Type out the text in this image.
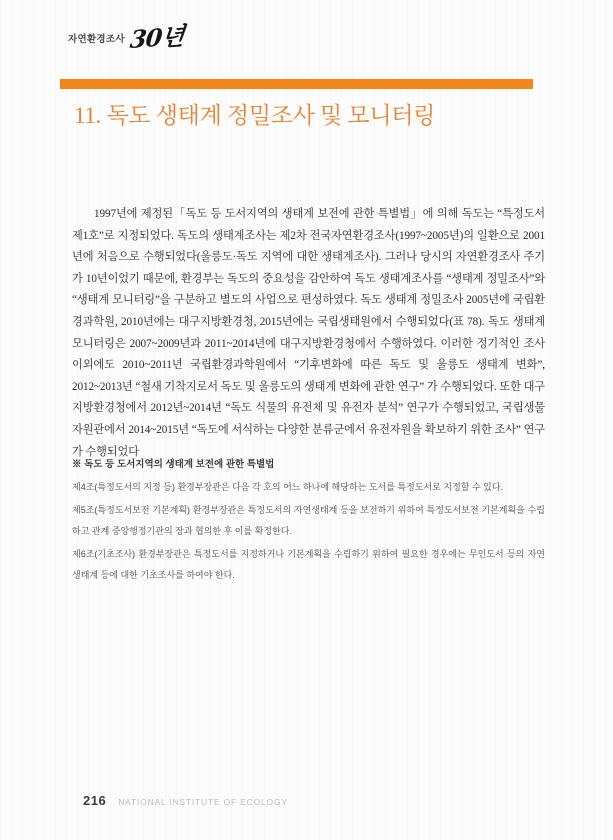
자연환경조사 30년
11. 독도 생태계 정밀조사 및 모니터링

1997년에 제정된「독도 등 도서지역의 생태계 보전에 관한 특별법」에 의해 독도는 “특정도서 제1호”로 지정되었다. 독도의 생태계조사는 제2차 전국자연환경조사(1997~2005년)의 일환으로 2001년에 처음으로 수행되었다(울릉도·독도 지역에 대한 생태계조사). 그러나 당시의 자연환경조사 주기가 10년이었기 때문에, 환경부는 독도의 중요성을 감안하여 독도 생태계조사를 “생태계 정밀조사”와 “생태계 모니터링”을 구분하고 별도의 사업으로 편성하였다. 독도 생태계 정밀조사 2005년에 국립환경과학원, 2010년에는 대구지방환경청, 2015년에는 국립생태원에서 수행되었다(표 78). 독도 생태계 모니터링은 2007~2009년과 2011~2014년에 대구지방환경청에서 수행하였다. 이러한 정기적인 조사 이외에도 2010~2011년 국립환경과학원에서 “기후변화에 따른 독도 및 울릉도 생태계 변화”, 2012~2013년 “철새 기착지로서 독도 및 울릉도의 생태계 변화에 관한 연구” 가 수행되었다. 또한 대구지방환경청에서 2012년~2014년 “독도 식물의 유전체 및 유전자 분석” 연구가 수행되었고, 국립생물자원관에서 2014~2015년 “독도에 서식하는 다양한 분류군에서 유전자원을 확보하기 위한 조사” 연구가 수행되었다

※ 독도 등 도서지역의 생태계 보전에 관한 특별법

제4조(특정도서의 지정 등) 환경부장관은 다음 각 호의 어느 하나에 해당하는 도서를 특정도서로 지정할 수 있다.

제5조(특정도서보전 기본계획) 환경부장관은 특정도서의 자연생태계 등을 보전하기 위하여 특정도서보전 기본계획을 수립하고 관계 중앙행정기관의 장과 협의한 후 이를 확정한다.

제6조(기초조사) 환경부장관은 특정도서를 지정하거나 기본계획을 수립하기 위하여 필요한 경우에는 무인도서 등의 자연생태계 등에 대한 기초조사를 하여야 한다.

216 NATIONAL INSTITUTE OF ECOLOGY
